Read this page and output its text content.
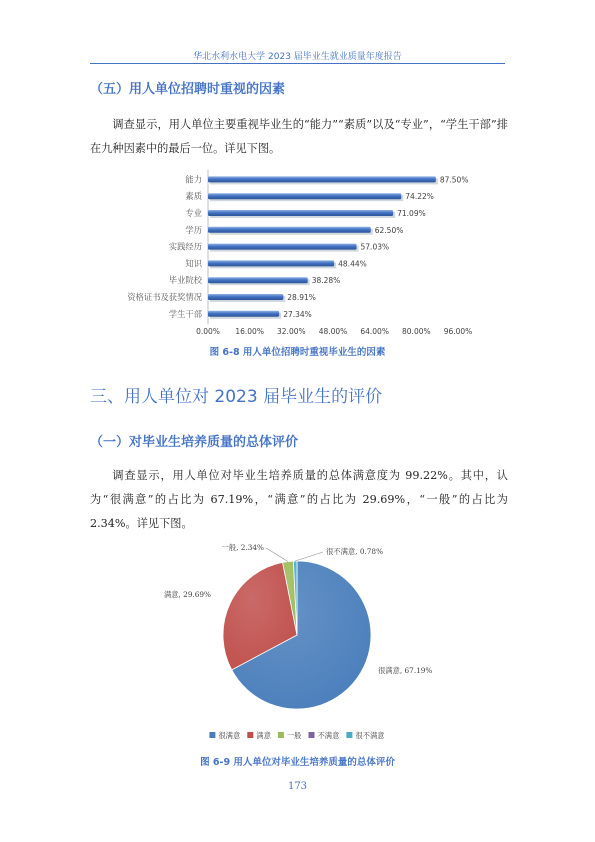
华北水利水电大学 2023 届毕业生就业质量年度报告
（五）用人单位招聘时重视的因素

调查显示，用人单位主要重视毕业生的“能力”“素质”以及“专业”，“学生干部”排在九种因素中的最后一位。详见下图。

能力	87.50%
素质	74.22%
专业	71.09%
学历	62.50%
实践经历	57.03%
知识	48.44%
毕业院校	38.28%
资格证书及获奖情况	28.91%
学生干部	27.34%
0.00% 16.00% 32.00% 48.00% 64.00% 80.00% 96.00%
图 6-8 用人单位招聘时重视毕业生的因素
三、用人单位对 2023 届毕业生的评价
（一）对毕业生培养质量的总体评价

调查显示，用人单位对毕业生培养质量的总体满意度为 99.22%。其中，认为“很满意”的占比为 67.19%，“满意”的占比为 29.69%，“一般”的占比为 2.34%。详见下图。

很满意, 67.19%
满意, 29.69%
一般, 2.34%	很不满意, 0.78%
很满意 满意 一般 不满意 很不满意
图 6-9 用人单位对毕业生培养质量的总体评价
173
